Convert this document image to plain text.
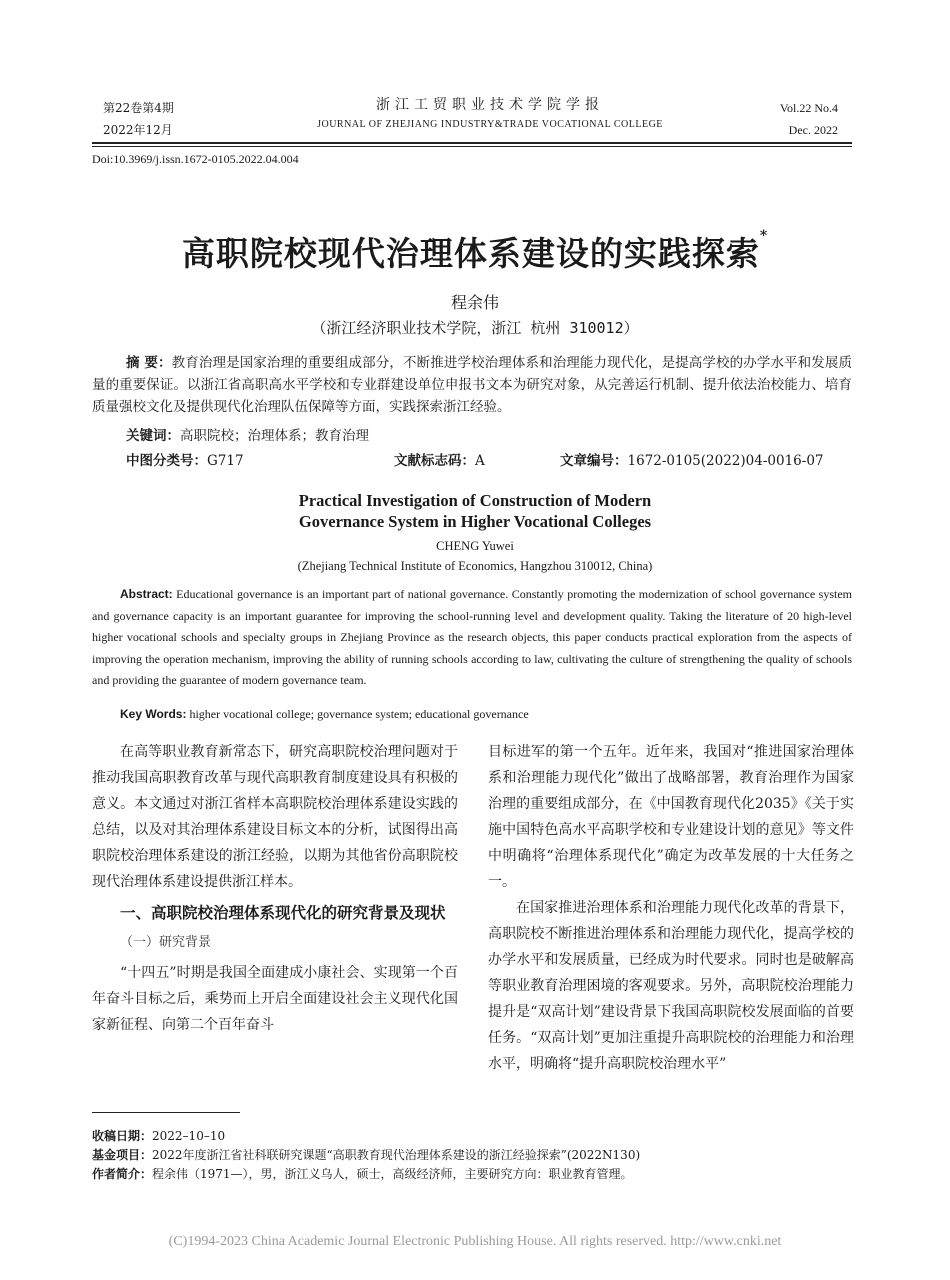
第22卷第4期
2022年12月
浙江工贸职业技术学院学报
JOURNAL OF ZHEJIANG INDUSTRY&TRADE VOCATIONAL COLLEGE
Vol.22 No.4
Dec. 2022
Doi:10.3969/j.issn.1672-0105.2022.04.004
高职院校现代治理体系建设的实践探索*
程余伟
（浙江经济职业技术学院，浙江 杭州 310012）
摘 要：教育治理是国家治理的重要组成部分，不断推进学校治理体系和治理能力现代化，是提高学校的办学水平和发展质量的重要保证。以浙江省高职高水平学校和专业群建设单位申报书文本为研究对象，从完善运行机制、提升依法治校能力、培育质量强校文化及提供现代化治理队伍保障等方面，实践探索浙江经验。
关键词：高职院校；治理体系；教育治理
中图分类号：G717	文献标志码：A	文章编号：1672-0105(2022)04-0016-07
Practical Investigation of Construction of Modern
Governance System in Higher Vocational Colleges
CHENG Yuwei
(Zhejiang Technical Institute of Economics, Hangzhou 310012, China)
Abstract: Educational governance is an important part of national governance. Constantly promoting the modernization of school governance system and governance capacity is an important guarantee for improving the school-running level and development quality. Taking the literature of 20 high-level higher vocational schools and specialty groups in Zhejiang Province as the research objects, this paper conducts practical exploration from the aspects of improving the operation mechanism, improving the ability of running schools according to law, cultivating the culture of strengthening the quality of schools and providing the guarantee of modern governance team.
Key Words: higher vocational college; governance system; educational governance

在高等职业教育新常态下，研究高职院校治理问题对于推动我国高职教育改革与现代高职教育制度建设具有积极的意义。本文通过对浙江省样本高职院校治理体系建设实践的总结，以及对其治理体系建设目标文本的分析，试图得出高职院校治理体系建设的浙江经验，以期为其他省份高职院校现代治理体系建设提供浙江样本。

一、高职院校治理体系现代化的研究背景及现状
（一）研究背景

“十四五”时期是我国全面建成小康社会、实现第一个百年奋斗目标之后，乘势而上开启全面建设社会主义现代化国家新征程、向第二个百年奋斗

目标进军的第一个五年。近年来，我国对“推进国家治理体系和治理能力现代化”做出了战略部署，教育治理作为国家治理的重要组成部分，在《中国教育现代化2035》《关于实施中国特色高水平高职学校和专业建设计划的意见》等文件中明确将“治理体系现代化”确定为改革发展的十大任务之一。

在国家推进治理体系和治理能力现代化改革的背景下，高职院校不断推进治理体系和治理能力现代化，提高学校的办学水平和发展质量，已经成为时代要求。同时也是破解高等职业教育治理困境的客观要求。另外，高职院校治理能力提升是“双高计划”建设背景下我国高职院校发展面临的首要任务。“双高计划”更加注重提升高职院校的治理能力和治理水平，明确将“提升高职院校治理水平”

收稿日期：2022–10–10
基金项目：2022年度浙江省社科联研究课题“高职教育现代治理体系建设的浙江经验探索”(2022N130)
作者简介：程余伟（1971—），男，浙江义乌人，硕士，高级经济师，主要研究方向：职业教育管理。
(C)1994-2023 China Academic Journal Electronic Publishing House. All rights reserved. http://www.cnki.net
